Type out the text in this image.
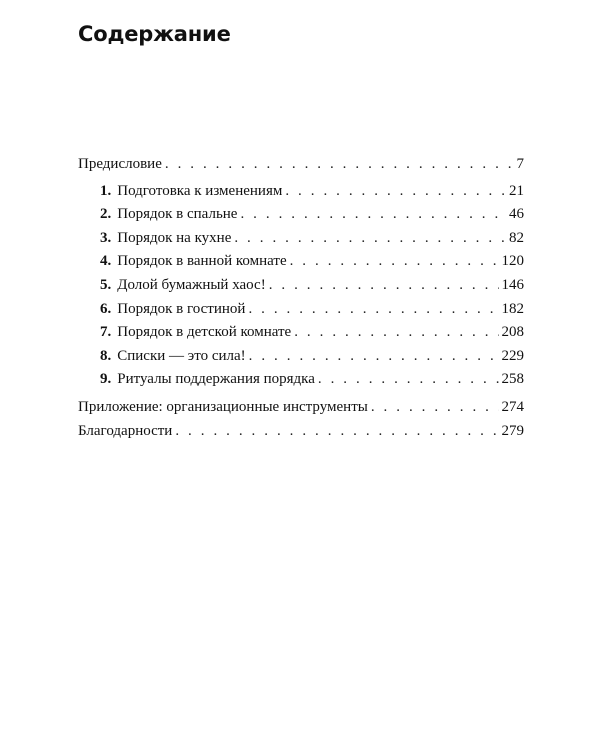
Содержание
Предисловие . . .	7
1. Подготовка к изменениям . . .	21
2. Порядок в спальне . . .	46
3. Порядок на кухне . . .	82
4. Порядок в ванной комнате . . .	120
5. Долой бумажный хаос! . . .	146
6. Порядок в гостиной . . .	182
7. Порядок в детской комнате . . .	208
8. Списки — это сила! . . .	229
9. Ритуалы поддержания порядка . . .	258
Приложение: организационные инструменты . . .	274
Благодарности . . .	279
